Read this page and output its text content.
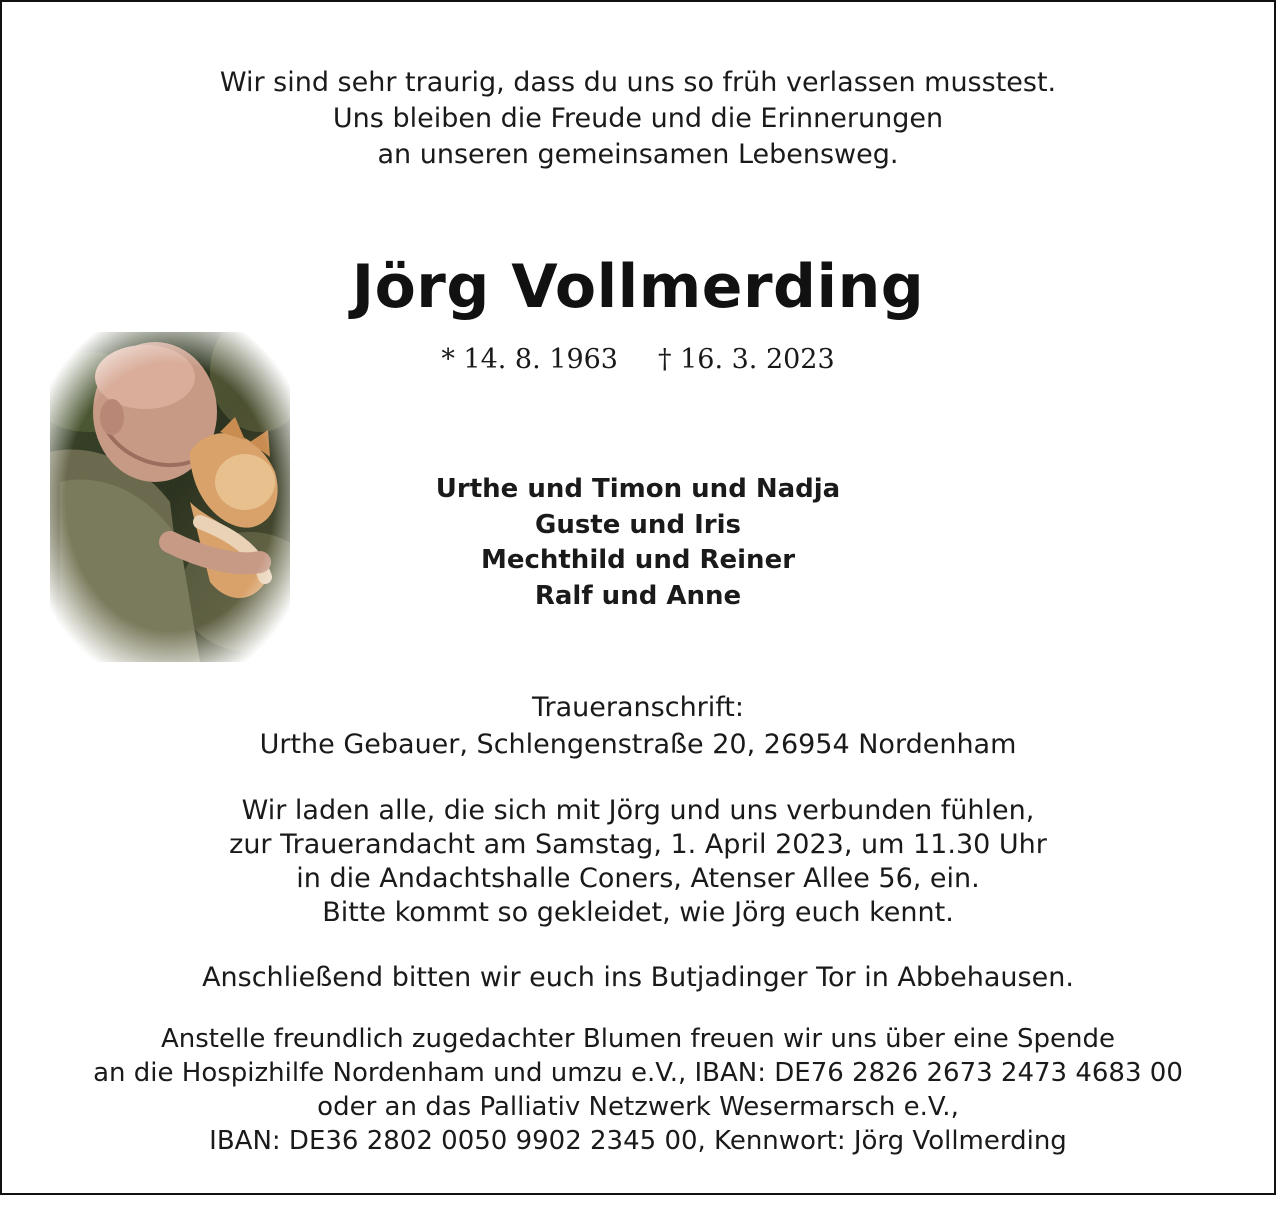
Wir sind sehr traurig, dass du uns so früh verlassen musstest.
Uns bleiben die Freude und die Erinnerungen
an unseren gemeinsamen Lebensweg.
Jörg Vollmerding
* 14. 8. 1963 † 16. 3. 2023
Urthe und Timon und Nadja
Guste und Iris
Mechthild und Reiner
Ralf und Anne
Traueranschrift:
Urthe Gebauer, Schlengenstraße 20, 26954 Nordenham
Wir laden alle, die sich mit Jörg und uns verbunden fühlen,
zur Trauerandacht am Samstag, 1. April 2023, um 11.30 Uhr
in die Andachtshalle Coners, Atenser Allee 56, ein.
Bitte kommt so gekleidet, wie Jörg euch kennt.
Anschließend bitten wir euch ins Butjadinger Tor in Abbehausen.
Anstelle freundlich zugedachter Blumen freuen wir uns über eine Spende
an die Hospizhilfe Nordenham und umzu e.V., IBAN: DE76 2826 2673 2473 4683 00
oder an das Palliativ Netzwerk Wesermarsch e.V.,
IBAN: DE36 2802 0050 9902 2345 00, Kennwort: Jörg Vollmerding
